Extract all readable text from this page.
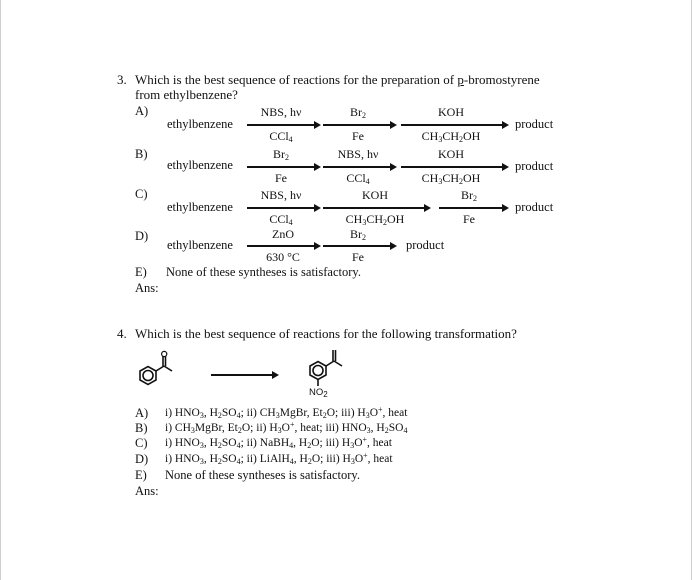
3. Which is the best sequence of reactions for the preparation of p-bromostyrene
from ethylbenzene?
A)
ethylbenzene
NBS, hν
CCl$_4$
$Br_2$
Fe
KOH
$CH_3CH_2OH$
product
B)
ethylbenzene
$Br_2$
Fe
NBS, hν
CCl$_4$
KOH
$CH_3CH_2OH$
product
C)
ethylbenzene
NBS, hν
CCl$_4$
KOH
$CH_3CH_2OH$
$Br_2$
Fe
product
D)
ethylbenzene
ZnO
630 °C
$Br_2$
Fe
product
E) None of these syntheses is satisfactory.
Ans:
4. Which is the best sequence of reactions for the following transformation?
$NO_2$
A) i) $HNO_3$, $H_2SO_4$; ii) $CH_3MgBr$, $Et_2O$; iii) $H_3O^+$, heat
B) i) $CH_3MgBr$, $Et_2O$; ii) $H_3O^+$, heat; iii) $HNO_3$, $H_2SO_4$
C) i) $HNO_3$, $H_2SO_4$; ii) NaBH$_4$, $H_2O$; iii) $H_3O^+$, heat
D) i) $HNO_3$, $H_2SO_4$; ii) LiAlH$_4$, $H_2O$; iii) $H_3O^+$, heat
E) None of these syntheses is satisfactory.
Ans:
